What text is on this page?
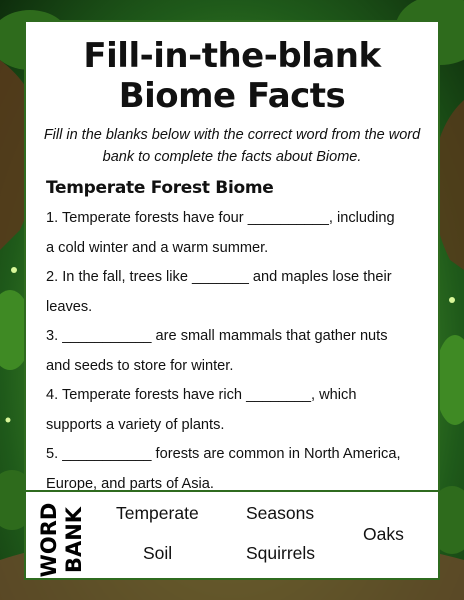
Fill-in-the-blank
Biome Facts

Fill in the blanks below with the correct word from the word bank to complete the facts about Biome.

Temperate Forest Biome
1. Temperate forests have four __________, including
a cold winter and a warm summer.
2. In the fall, trees like _______ and maples lose their
leaves.
3. ___________ are small mammals that gather nuts
and seeds to store for winter.
4. Temperate forests have rich ________, which
supports a variety of plants.
5. ___________ forests are common in North America,
Europe, and parts of Asia.
WORD BANK Temperate	Seasons
Oaks
Soil	Squirrels
